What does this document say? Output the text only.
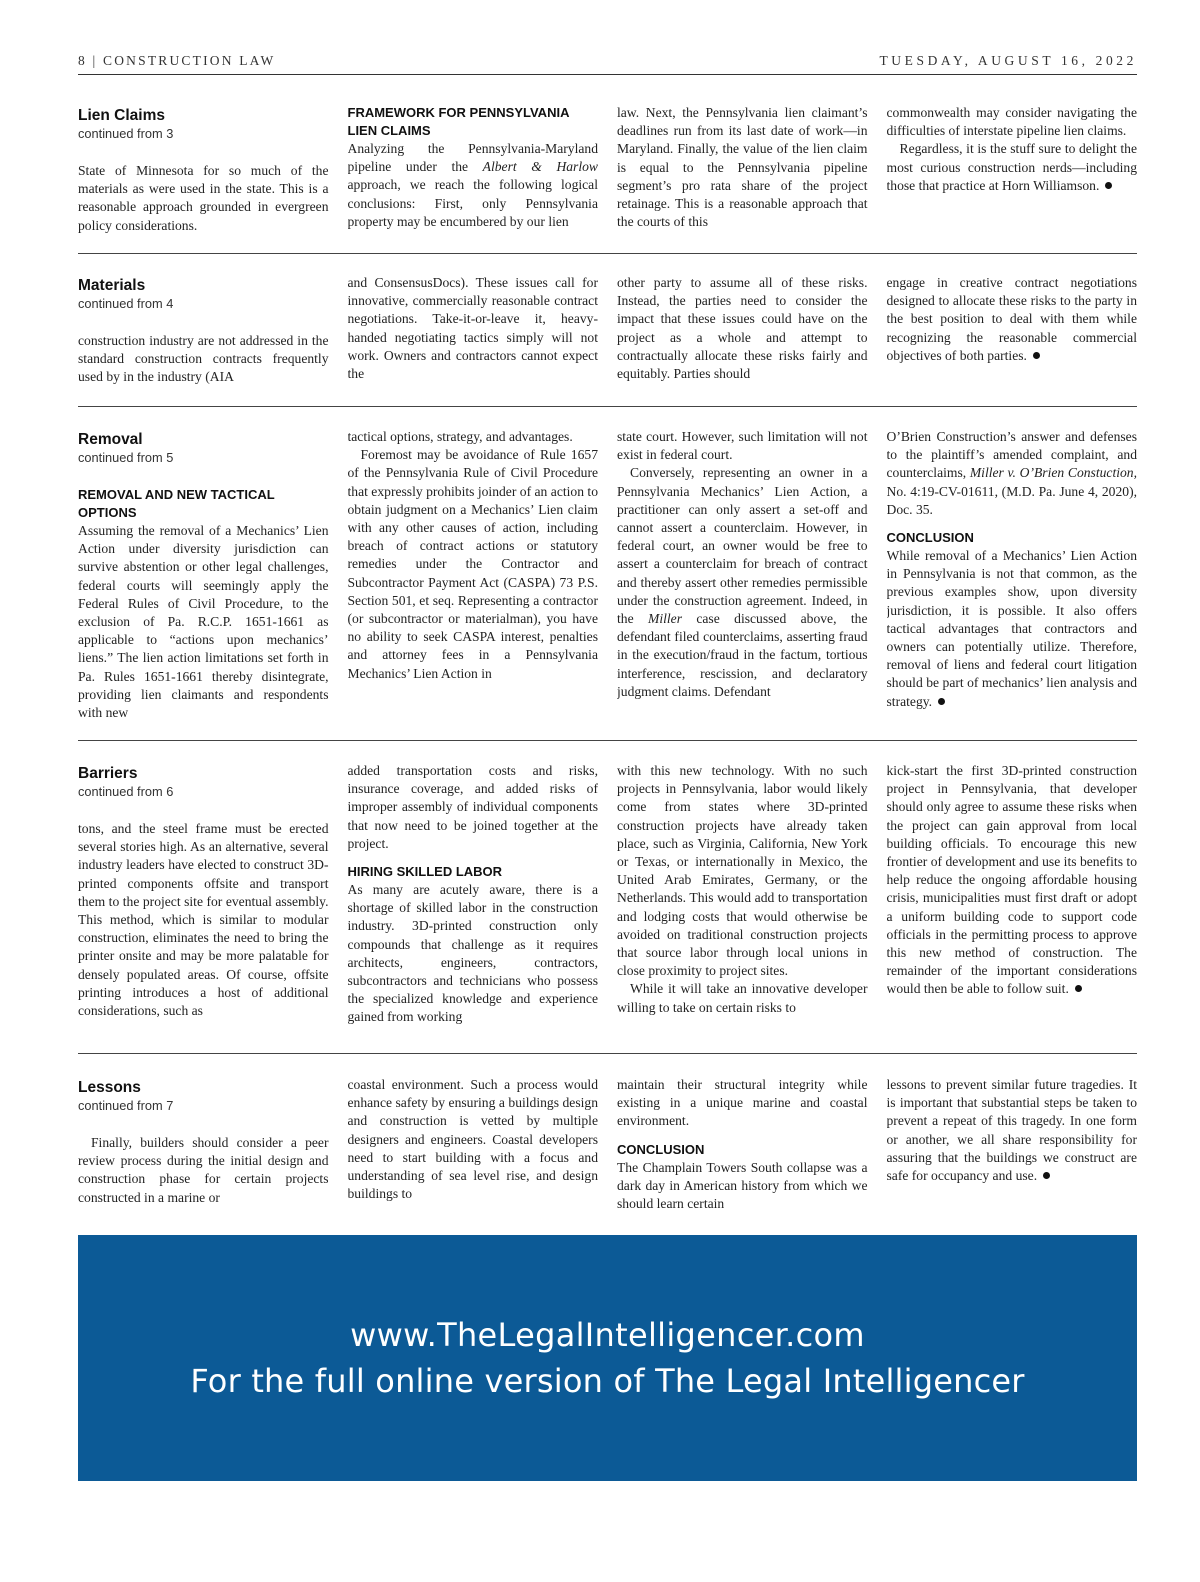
8 | CONSTRUCTION LAW	TUESDAY, AUGUST 16, 2022
Lien Claims
continued from 3

State of Minnesota for so much of the materials as were used in the state. This is a reasonable approach grounded in evergreen policy considerations.

FRAMEWORK FOR PENNSYLVANIA LIEN CLAIMS

Analyzing the Pennsylvania-Maryland pipeline under the Albert & Harlow approach, we reach the following logical conclusions: First, only Pennsylvania property may be encumbered by our lien

law. Next, the Pennsylvania lien claimant’s deadlines run from its last date of work—in Maryland. Finally, the value of the lien claim is equal to the Pennsylvania pipeline segment’s pro rata share of the project retainage. This is a reasonable approach that the courts of this

commonwealth may consider navigating the difficulties of interstate pipeline lien claims.

Regardless, it is the stuff sure to delight the most curious construction nerds—including those that practice at Horn Williamson.

Materials
continued from 4

construction industry are not addressed in the standard construction contracts frequently used by in the industry (AIA

and ConsensusDocs). These issues call for innovative, commercially reasonable contract negotiations. Take-it-or-leave it, heavy-handed negotiating tactics simply will not work. Owners and contractors cannot expect the

other party to assume all of these risks. Instead, the parties need to consider the impact that these issues could have on the project as a whole and attempt to contractually allocate these risks fairly and equitably. Parties should

engage in creative contract negotiations designed to allocate these risks to the party in the best position to deal with them while recognizing the reasonable commercial objectives of both parties.

Removal
continued from 5

REMOVAL AND NEW TACTICAL OPTIONS

Assuming the removal of a Mechanics’ Lien Action under diversity jurisdiction can survive abstention or other legal challenges, federal courts will seemingly apply the Federal Rules of Civil Procedure, to the exclusion of Pa. R.C.P. 1651-1661 as applicable to “actions upon mechanics’ liens.” The lien action limitations set forth in Pa. Rules 1651-1661 thereby disintegrate, providing lien claimants and respondents with new

tactical options, strategy, and advantages.

Foremost may be avoidance of Rule 1657 of the Pennsylvania Rule of Civil Procedure that expressly prohibits joinder of an action to obtain judgment on a Mechanics’ Lien claim with any other causes of action, including breach of contract actions or statutory remedies under the Contractor and Subcontractor Payment Act (CASPA) 73 P.S. Section 501, et seq. Representing a contractor (or subcontractor or materialman), you have no ability to seek CASPA interest, penalties and attorney fees in a Pennsylvania Mechanics’ Lien Action in

state court. However, such limitation will not exist in federal court.

Conversely, representing an owner in a Pennsylvania Mechanics’ Lien Action, a practitioner can only assert a set-off and cannot assert a counterclaim. However, in federal court, an owner would be free to assert a counterclaim for breach of contract and thereby assert other remedies permissible under the construction agreement. Indeed, in the Miller case discussed above, the defendant filed counterclaims, asserting fraud in the execution/fraud in the factum, tortious interference, rescission, and declaratory judgment claims. Defendant

O’Brien Construction’s answer and defenses to the plaintiff’s amended complaint, and counterclaims, Miller v. O’Brien Constuction, No. 4:19-CV-01611, (M.D. Pa. June 4, 2020), Doc. 35.

CONCLUSION

While removal of a Mechanics’ Lien Action in Pennsylvania is not that common, as the previous examples show, upon diversity jurisdiction, it is possible. It also offers tactical advantages that contractors and owners can potentially utilize. Therefore, removal of liens and federal court litigation should be part of mechanics’ lien analysis and strategy.

Barriers
continued from 6

tons, and the steel frame must be erected several stories high. As an alternative, several industry leaders have elected to construct 3D-printed components offsite and transport them to the project site for eventual assembly. This method, which is similar to modular construction, eliminates the need to bring the printer onsite and may be more palatable for densely populated areas. Of course, offsite printing introduces a host of additional considerations, such as

added transportation costs and risks, insurance coverage, and added risks of improper assembly of individual components that now need to be joined together at the project.

HIRING SKILLED LABOR

As many are acutely aware, there is a shortage of skilled labor in the construction industry. 3D-printed construction only compounds that challenge as it requires architects, engineers, contractors, subcontractors and technicians who possess the specialized knowledge and experience gained from working

with this new technology. With no such projects in Pennsylvania, labor would likely come from states where 3D-printed construction projects have already taken place, such as Virginia, California, New York or Texas, or internationally in Mexico, the United Arab Emirates, Germany, or the Netherlands. This would add to transportation and lodging costs that would otherwise be avoided on traditional construction projects that source labor through local unions in close proximity to project sites.

While it will take an innovative developer willing to take on certain risks to

kick-start the first 3D-printed construction project in Pennsylvania, that developer should only agree to assume these risks when the project can gain approval from local building officials. To encourage this new frontier of development and use its benefits to help reduce the ongoing affordable housing crisis, municipalities must first draft or adopt a uniform building code to support code officials in the permitting process to approve this new method of construction. The remainder of the important considerations would then be able to follow suit.

Lessons
continued from 7

Finally, builders should consider a peer review process during the initial design and construction phase for certain projects constructed in a marine or

coastal environment. Such a process would enhance safety by ensuring a buildings design and construction is vetted by multiple designers and engineers. Coastal developers need to start building with a focus and understanding of sea level rise, and design buildings to

maintain their structural integrity while existing in a unique marine and coastal environment.

CONCLUSION

The Champlain Towers South collapse was a dark day in American history from which we should learn certain

lessons to prevent similar future tragedies. It is important that substantial steps be taken to prevent a repeat of this tragedy. In one form or another, we all share responsibility for assuring that the buildings we construct are safe for occupancy and use.

www.TheLegalIntelligencer.com
For the full online version of The Legal Intelligencer
